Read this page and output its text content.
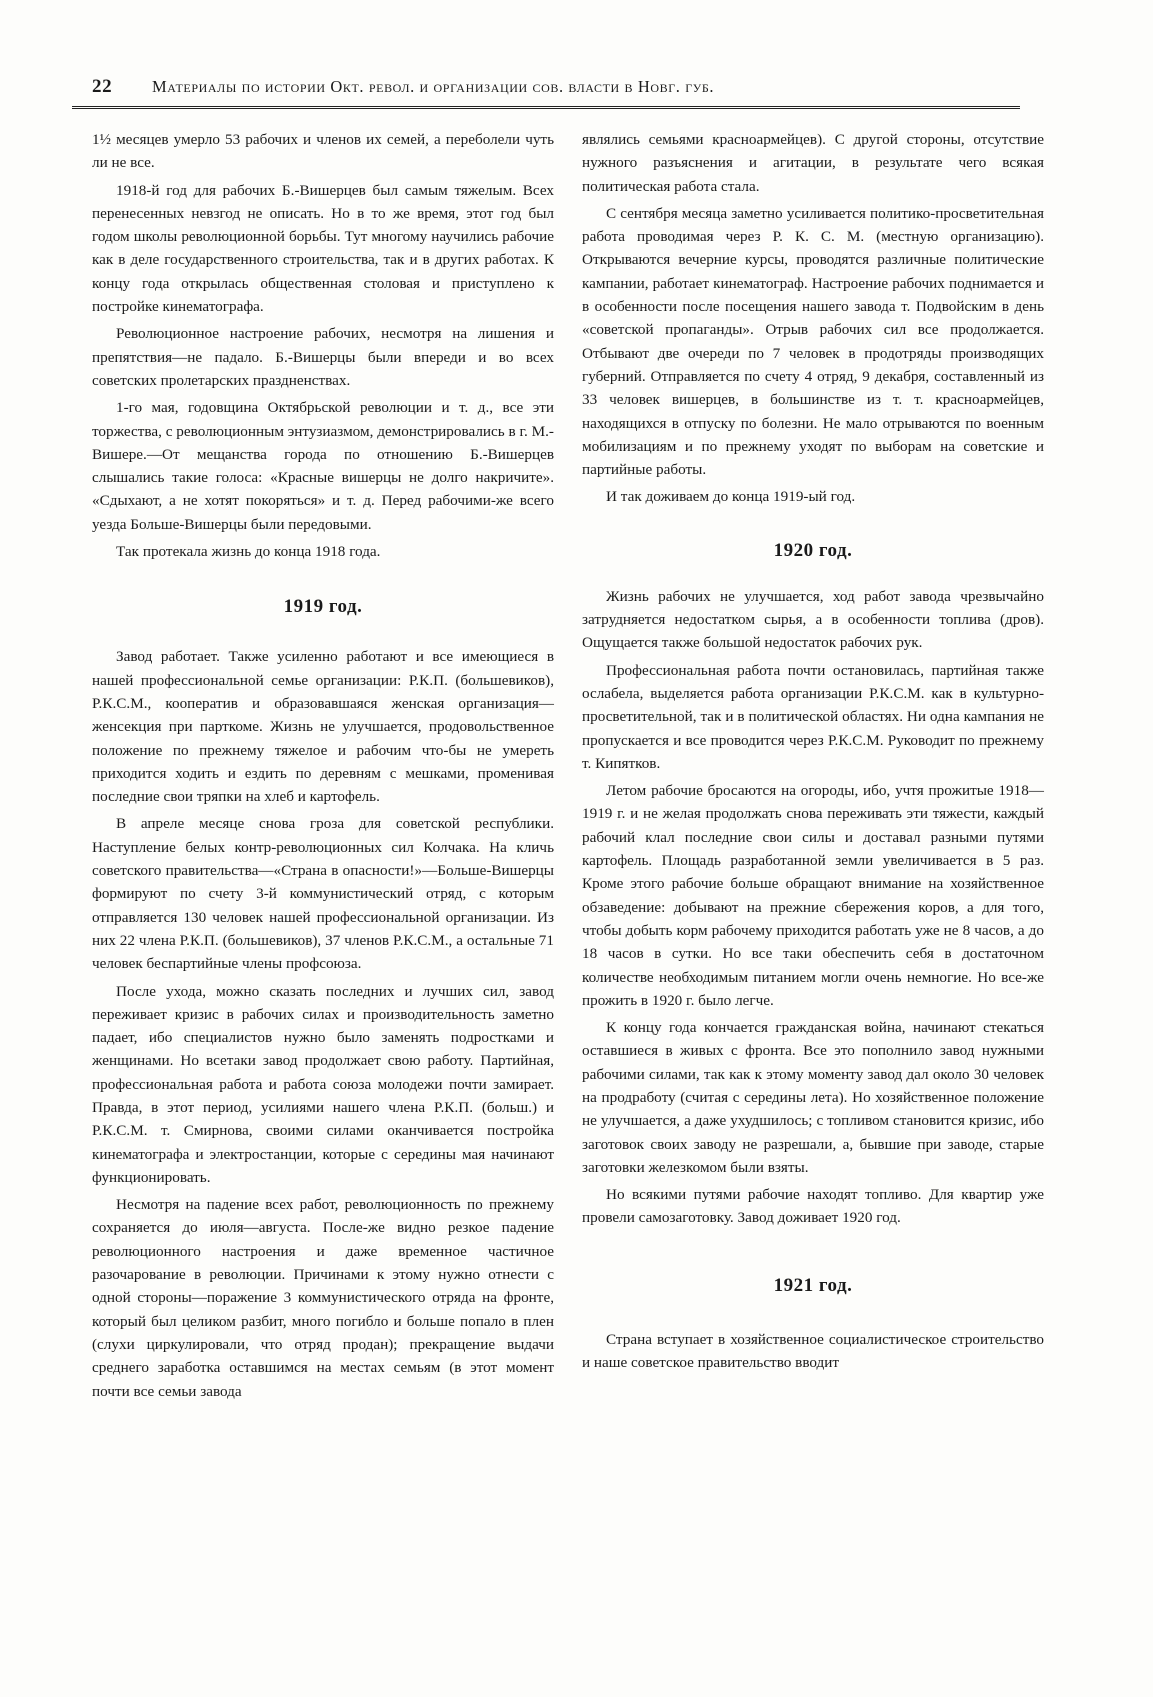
22	Материалы по истории Окт. револ. и организации сов. власти в Новг. губ.

1½ месяцев умерло 53 рабочих и членов их семей, а переболели чуть ли не все.

1918-й год для рабочих Б.-Вишерцев был самым тяжелым. Всех перенесенных невзгод не описать. Но в то же время, этот год был годом школы революционной борьбы. Тут многому научились рабочие как в деле государственного строительства, так и в других работах. К концу года открылась общественная столовая и приступлено к постройке кинематографа.

Революционное настроение рабочих, несмотря на лишения и препятствия—не падало. Б.-Вишерцы были впереди и во всех советских пролетарских праздненствах.

1-го мая, годовщина Октябрьской революции и т. д., все эти торжества, с революционным энтузиазмом, демонстрировались в г. М.-Вишере.—От мещанства города по отношению Б.-Вишерцев слышались такие голоса: «Красные вишерцы не долго накричите». «Сдыхают, а не хотят покоряться» и т. д. Перед рабочими-же всего уезда Больше-Вишерцы были передовыми.

Так протекала жизнь до конца 1918 года.

1919 год.

Завод работает. Также усиленно работают и все имеющиеся в нашей профессиональной семье организации: Р.К.П. (большевиков), Р.К.С.М., кооператив и образовавшаяся женская организация—женсекция при парткоме. Жизнь не улучшается, продовольственное положение по прежнему тяжелое и рабочим что-бы не умереть приходится ходить и ездить по деревням с мешками, променивая последние свои тряпки на хлеб и картофель.

В апреле месяце снова гроза для советской республики. Наступление белых контр-революционных сил Колчака. На кличь советского правительства—«Страна в опасности!»—Больше-Вишерцы формируют по счету 3-й коммунистический отряд, с которым отправляется 130 человек нашей профессиональной организации. Из них 22 члена Р.К.П. (большевиков), 37 членов Р.К.С.М., а остальные 71 человек беспартийные члены профсоюза.

После ухода, можно сказать последних и лучших сил, завод переживает кризис в рабочих силах и производительность заметно падает, ибо специалистов нужно было заменять подростками и женщинами. Но всетаки завод продолжает свою работу. Партийная, профессиональная работа и работа союза молодежи почти замирает. Правда, в этот период, усилиями нашего члена Р.К.П. (больш.) и Р.К.С.М. т. Смирнова, своими силами оканчивается постройка кинематографа и электростанции, которые с середины мая начинают функционировать.

Несмотря на падение всех работ, революционность по прежнему сохраняется до июля—августа. После-же видно резкое падение революционного настроения и даже временное частичное разочарование в революции. Причинами к этому нужно отнести с одной стороны—поражение 3 коммунистического отряда на фронте, который был целиком разбит, много погибло и больше попало в плен (слухи циркулировали, что отряд продан); прекращение выдачи среднего заработка оставшимся на местах семьям (в этот момент почти все семьи завода

являлись семьями красноармейцев). С другой стороны, отсутствие нужного разъяснения и агитации, в результате чего всякая политическая работа стала.

С сентября месяца заметно усиливается политико-просветительная работа проводимая через Р. К. С. М. (местную организацию). Открываются вечерние курсы, проводятся различные политические кампании, работает кинематограф. Настроение рабочих поднимается и в особенности после посещения нашего завода т. Подвойским в день «советской пропаганды». Отрыв рабочих сил все продолжается. Отбывают две очереди по 7 человек в продотряды производящих губерний. Отправляется по счету 4 отряд, 9 декабря, составленный из 33 человек вишерцев, в большинстве из т. т. красноармейцев, находящихся в отпуску по болезни. Не мало отрываются по военным мобилизациям и по прежнему уходят по выборам на советские и партийные работы.

И так доживаем до конца 1919-ый год.

1920 год.

Жизнь рабочих не улучшается, ход работ завода чрезвычайно затрудняется недостатком сырья, а в особенности топлива (дров). Ощущается также большой недостаток рабочих рук.

Профессиональная работа почти остановилась, партийная также ослабела, выделяется работа организации Р.К.С.М. как в культурно-просветительной, так и в политической областях. Ни одна кампания не пропускается и все проводится через Р.К.С.М. Руководит по прежнему т. Кипятков.

Летом рабочие бросаются на огороды, ибо, учтя прожитые 1918—1919 г. и не желая продолжать снова переживать эти тяжести, каждый рабочий клал последние свои силы и доставал разными путями картофель. Площадь разработанной земли увеличивается в 5 раз. Кроме этого рабочие больше обращают внимание на хозяйственное обзаведение: добывают на прежние сбережения коров, а для того, чтобы добыть корм рабочему приходится работать уже не 8 часов, а до 18 часов в сутки. Но все таки обеспечить себя в достаточном количестве необходимым питанием могли очень немногие. Но все-же прожить в 1920 г. было легче.

К концу года кончается гражданская война, начинают стекаться оставшиеся в живых с фронта. Все это пополнило завод нужными рабочими силами, так как к этому моменту завод дал около 30 человек на продработу (считая с середины лета). Но хозяйственное положение не улучшается, а даже ухудшилось; с топливом становится кризис, ибо заготовок своих заводу не разрешали, а, бывшие при заводе, старые заготовки железкомом были взяты.

Но всякими путями рабочие находят топливо. Для квартир уже провели самозаготовку. Завод доживает 1920 год.

1921 год.

Страна вступает в хозяйственное социалистическое строительство и наше советское правительство вводит
